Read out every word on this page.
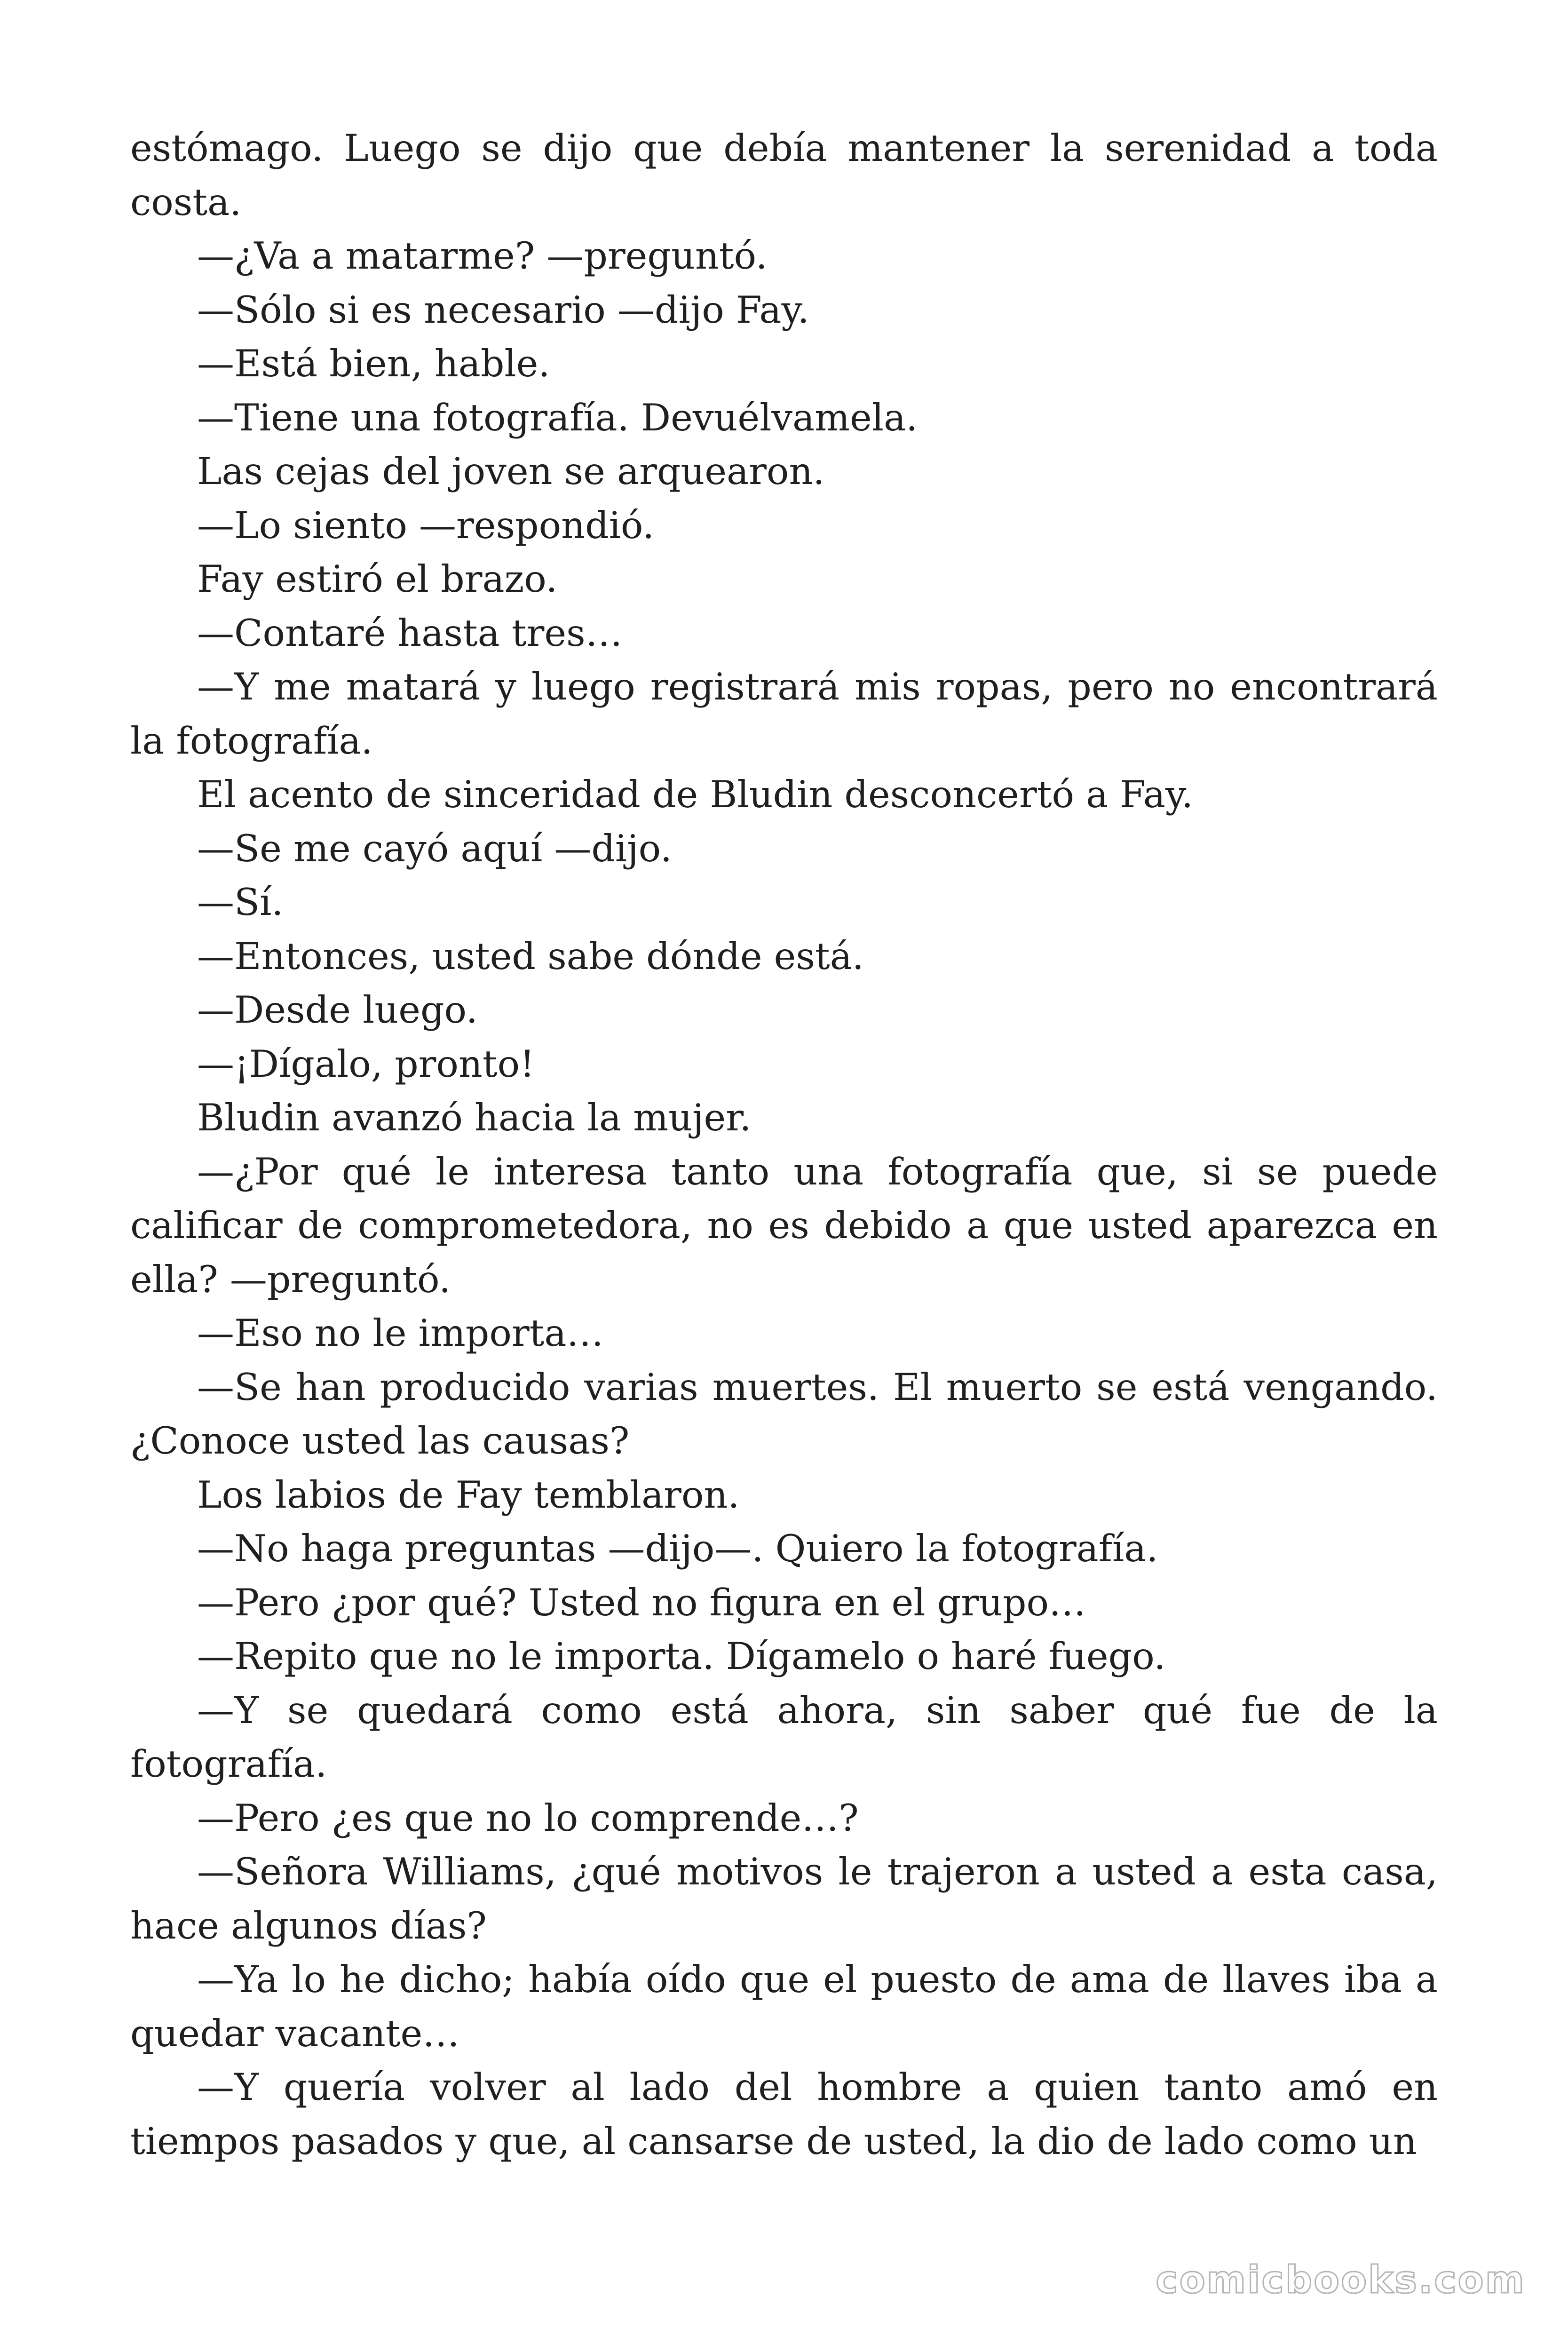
estómago. Luego se dijo que debía mantener la serenidad a toda costa.

—¿Va a matarme? —preguntó.

—Sólo si es necesario —dijo Fay.

—Está bien, hable.

—Tiene una fotografía. Devuélvamela.

Las cejas del joven se arquearon.

—Lo siento —respondió.

Fay estiró el brazo.

—Contaré hasta tres…

—Y me matará y luego registrará mis ropas, pero no encontrará la fotografía.

El acento de sinceridad de Bludin desconcertó a Fay.

—Se me cayó aquí —dijo.

—Sí.

—Entonces, usted sabe dónde está.

—Desde luego.

—¡Dígalo, pronto!

Bludin avanzó hacia la mujer.

—¿Por qué le interesa tanto una fotografía que, si se puede calificar de comprometedora, no es debido a que usted aparezca en ella? —preguntó.

—Eso no le importa…

—Se han producido varias muertes. El muerto se está vengando. ¿Conoce usted las causas?

Los labios de Fay temblaron.

—No haga preguntas —dijo—. Quiero la fotografía.

—Pero ¿por qué? Usted no figura en el grupo…

—Repito que no le importa. Dígamelo o haré fuego.

—Y se quedará como está ahora, sin saber qué fue de la fotografía.

—Pero ¿es que no lo comprende…?

—Señora Williams, ¿qué motivos le trajeron a usted a esta casa, hace algunos días?

—Ya lo he dicho; había oído que el puesto de ama de llaves iba a quedar vacante…

—Y quería volver al lado del hombre a quien tanto amó en tiempos pasados y que, al cansarse de usted, la dio de lado como un

comicbooks.com
